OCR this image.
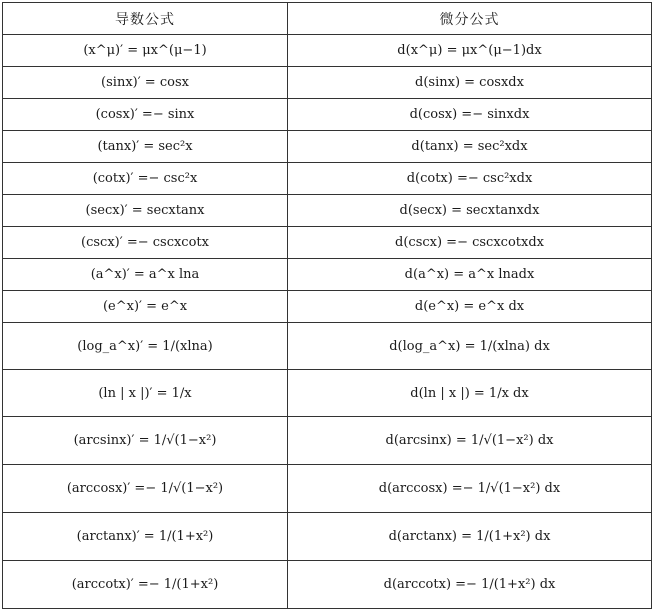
导数公式	微分公式
(x^μ)′ = μx^(μ−1)	d(x^μ) = μx^(μ−1)dx
(sinx)′ = cosx	d(sinx) = cosxdx
(cosx)′ =− sinx	d(cosx) =− sinxdx
(tanx)′ = sec²x	d(tanx) = sec²xdx
(cotx)′ =− csc²x	d(cotx) =− csc²xdx
(secx)′ = secxtanx	d(secx) = secxtanxdx
(cscx)′ =− cscxcotx	d(cscx) =− cscxcotxdx
(a^x)′ = a^x lna	d(a^x) = a^x lnadx
(e^x)′ = e^x	d(e^x) = e^x dx
(log_a^x)′ = 1/(xlna)	d(log_a^x) = 1/(xlna) dx
(ln | x |)′ = 1/x	d(ln | x |) = 1/x dx
(arcsinx)′ = 1/√(1−x²)	d(arcsinx) = 1/√(1−x²) dx
(arccosx)′ =− 1/√(1−x²)	d(arccosx) =− 1/√(1−x²) dx
(arctanx)′ = 1/(1+x²)	d(arctanx) = 1/(1+x²) dx
(arccotx)′ =− 1/(1+x²)	d(arccotx) =− 1/(1+x²) dx
